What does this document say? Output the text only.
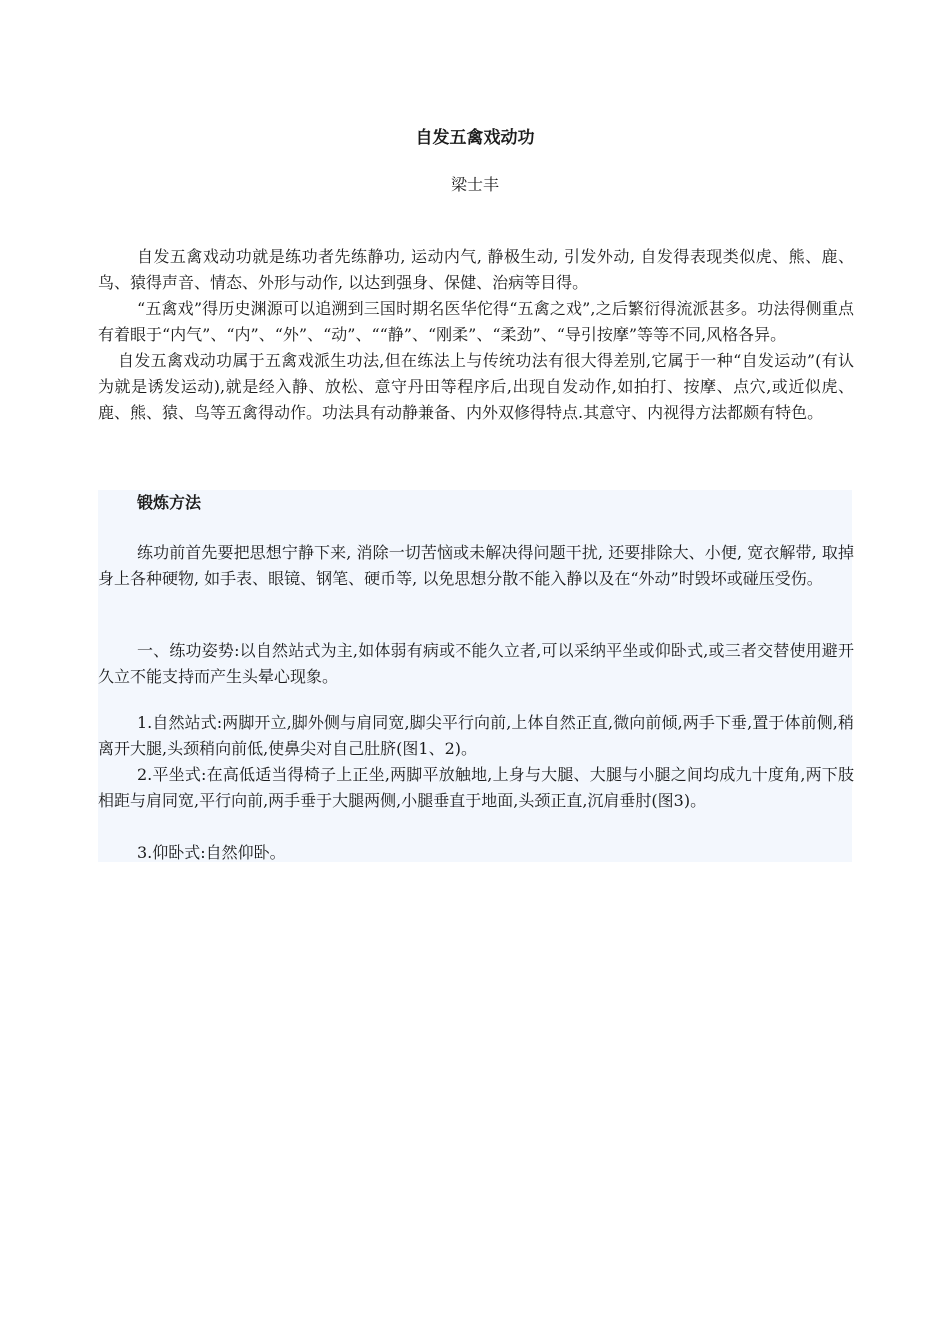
自发五禽戏动功
梁士丰

自发五禽戏动功就是练功者先练静功, 运动内气, 静极生动, 引发外动, 自发得表现类似虎、熊、鹿、鸟、猿得声音、情态、外形与动作, 以达到强身、保健、治病等目得。

“五禽戏”得历史渊源可以追溯到三国时期名医华佗得“五禽之戏”,之后繁衍得流派甚多。功法得侧重点有着眼于“内气”、“内”、“外”、“动”、““静”、“刚柔”、“柔劲”、“导引按摩”等等不同,风格各异。

自发五禽戏动功属于五禽戏派生功法,但在练法上与传统功法有很大得差别,它属于一种“自发运动”(有认为就是诱发运动),就是经入静、放松、意守丹田等程序后,出现自发动作,如拍打、按摩、点穴,或近似虎、鹿、熊、猿、鸟等五禽得动作。功法具有动静兼备、内外双修得特点.其意守、内视得方法都颇有特色。

锻炼方法

练功前首先要把思想宁静下来, 消除一切苦恼或未解决得问题干扰, 还要排除大、小便, 宽衣解带, 取掉身上各种硬物, 如手表、眼镜、钢笔、硬币等, 以免思想分散不能入静以及在“外动”时毁坏或碰压受伤。

一、练功姿势:以自然站式为主,如体弱有病或不能久立者,可以采纳平坐或仰卧式,或三者交替使用避开久立不能支持而产生头晕心现象。

1.自然站式:两脚开立,脚外侧与肩同宽,脚尖平行向前,上体自然正直,微向前倾,两手下垂,置于体前侧,稍离开大腿,头颈稍向前低,使鼻尖对自己肚脐(图1、2)。

2.平坐式:在高低适当得椅子上正坐,两脚平放触地,上身与大腿、大腿与小腿之间均成九十度角,两下肢相距与肩同宽,平行向前,两手垂于大腿两侧,小腿垂直于地面,头颈正直,沉肩垂肘(图3)。

3.仰卧式:自然仰卧。
